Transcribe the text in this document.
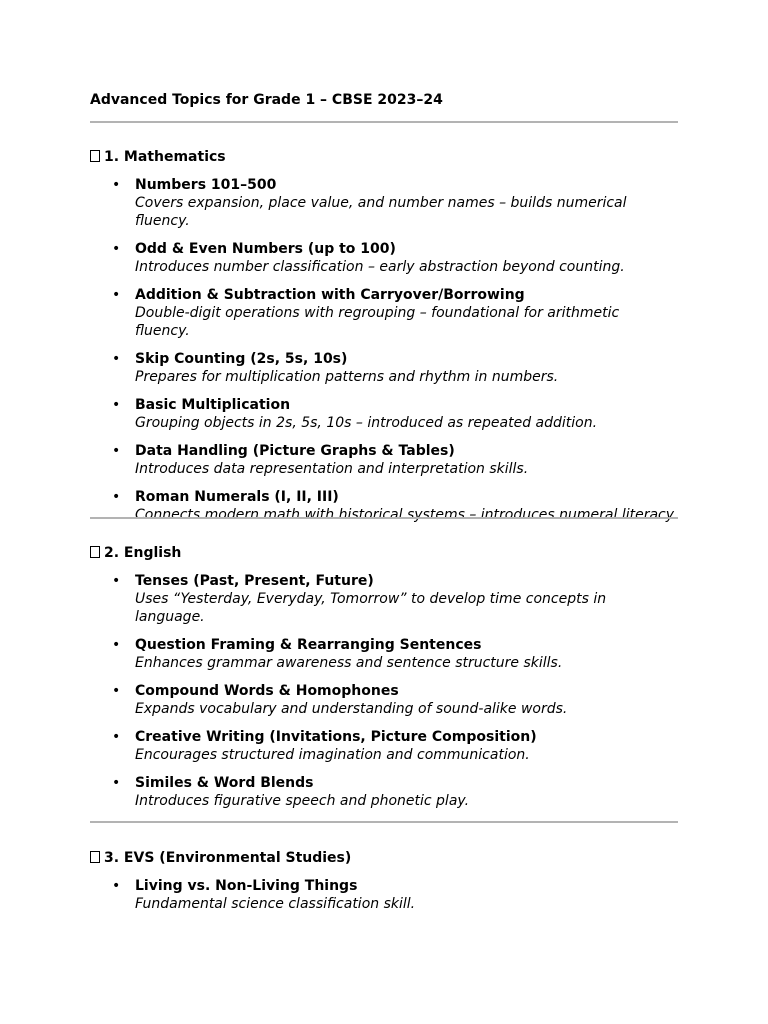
Advanced Topics for Grade 1 – CBSE 2023–24
1. Mathematics
• Numbers 101–500
Covers expansion, place value, and number names – builds numerical fluency.
• Odd & Even Numbers (up to 100)
Introduces number classification – early abstraction beyond counting.
• Addition & Subtraction with Carryover/Borrowing
Double-digit operations with regrouping – foundational for arithmetic fluency.
• Skip Counting (2s, 5s, 10s)
Prepares for multiplication patterns and rhythm in numbers.
• Basic Multiplication
Grouping objects in 2s, 5s, 10s – introduced as repeated addition.
• Data Handling (Picture Graphs & Tables)
Introduces data representation and interpretation skills.
• Roman Numerals (I, II, III)
Connects modern math with historical systems – introduces numeral literacy.
2. English
• Tenses (Past, Present, Future)
Uses “Yesterday, Everyday, Tomorrow” to develop time concepts in language.
• Question Framing & Rearranging Sentences
Enhances grammar awareness and sentence structure skills.
• Compound Words & Homophones
Expands vocabulary and understanding of sound-alike words.
• Creative Writing (Invitations, Picture Composition)
Encourages structured imagination and communication.
• Similes & Word Blends
Introduces figurative speech and phonetic play.
3. EVS (Environmental Studies)
• Living vs. Non-Living Things
Fundamental science classification skill.
